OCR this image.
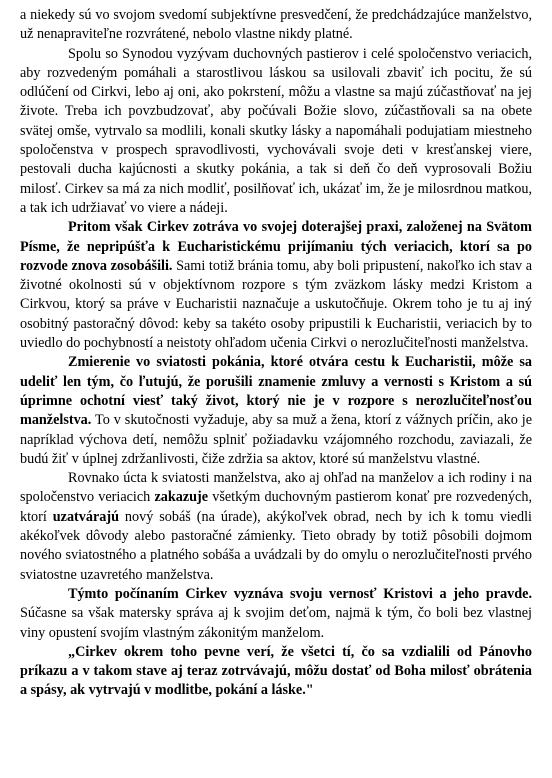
a niekedy sú vo svojom svedomí subjektívne presvedčení, že predchádzajúce manželstvo, už nenapraviteľne rozvrátené, nebolo vlastne nikdy platné.

Spolu so Synodou vyzývam duchovných pastierov i celé spoločenstvo veriacich, aby rozvedeným pomáhali a starostlivou láskou sa usilovali zbaviť ich pocitu, že sú odlúčení od Cirkvi, lebo aj oni, ako pokrstení, môžu a vlastne sa majú zúčastňovať na jej živote. Treba ich povzbudzovať, aby počúvali Božie slovo, zúčastňovali sa na obete svätej omše, vytrvalo sa modlili, konali skutky lásky a napomáhali podujatiam miestneho spoločenstva v prospech spravodlivosti, vychovávali svoje deti v kresťanskej viere, pestovali ducha kajúcnosti a skutky pokánia, a tak si deň čo deň vyprosovali Božiu milosť. Cirkev sa má za nich modliť, posilňovať ich, ukázať im, že je milosrdnou matkou, a tak ich udržiavať vo viere a nádeji.

Pritom však Cirkev zotráva vo svojej doterajšej praxi, založenej na Svätom Písme, že nepripúšťa k Eucharistickému prijímaniu tých veriacich, ktorí sa po rozvode znova zosobášili. Sami totiž bránia tomu, aby boli pripustení, nakoľko ich stav a životné okolnosti sú v objektívnom rozpore s tým zväzkom lásky medzi Kristom a Cirkvou, ktorý sa práve v Eucharistii naznačuje a uskutočňuje. Okrem toho je tu aj iný osobitný pastoračný dôvod: keby sa takéto osoby pripustili k Eucharistii, veriacich by to uviedlo do pochybností a neistoty ohľadom učenia Cirkvi o nerozlučiteľnosti manželstva.

Zmierenie vo sviatosti pokánia, ktoré otvára cestu k Eucharistii, môže sa udeliť len tým, čo ľutujú, že porušili znamenie zmluvy a vernosti s Kristom a sú úprimne ochotní viesť taký život, ktorý nie je v rozpore s nerozlučiteľnosťou manželstva. To v skutočnosti vyžaduje, aby sa muž a žena, ktorí z vážnych príčin, ako je napríklad výchova detí, nemôžu splniť požiadavku vzájomného rozchodu, zaviazali, že budú žiť v úplnej zdržanlivosti, čiže zdržia sa aktov, ktoré sú manželstvu vlastné.

Rovnako úcta k sviatosti manželstva, ako aj ohľad na manželov a ich rodiny i na spoločenstvo veriacich zakazuje všetkým duchovným pastierom konať pre rozvedených, ktorí uzatvárajú nový sobáš (na úrade), akýkoľvek obrad, nech by ich k tomu viedli akékoľvek dôvody alebo pastoračné zámienky. Tieto obrady by totiž pôsobili dojmom nového sviatostného a platného sobáša a uvádzali by do omylu o nerozlučiteľnosti prvého sviatostne uzavretého manželstva.

Týmto počínaním Cirkev vyznáva svoju vernosť Kristovi a jeho pravde. Súčasne sa však matersky správa aj k svojim deťom, najmä k tým, čo boli bez vlastnej viny opustení svojím vlastným zákonitým manželom.

„Cirkev okrem toho pevne verí, že všetci tí, čo sa vzdialili od Pánovho príkazu a v takom stave aj teraz zotrvávajú, môžu dostať od Boha milosť obrátenia a spásy, ak vytrvajú v modlitbe, pokání a láske."
